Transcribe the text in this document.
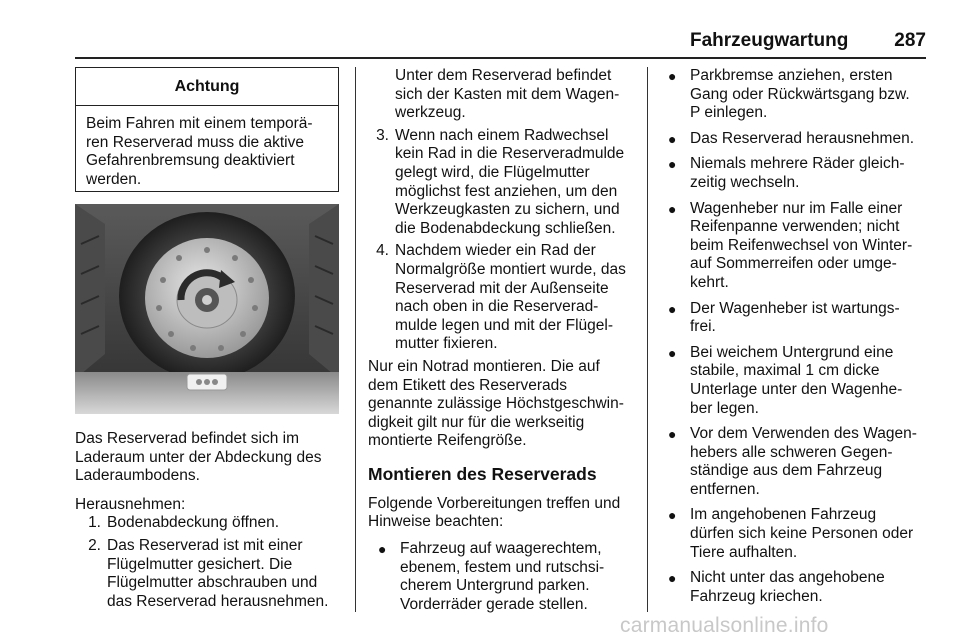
Fahrzeugwartung 287
Achtung
Beim Fahren mit einem temporä-
ren Reserverad muss die aktive
Gefahrenbremsung deaktiviert
werden.

Das Reserverad befindet sich im
Laderaum unter der Abdeckung des
Laderaumbodens.

Herausnehmen:

1. Bodenabdeckung öffnen.
2. Das Reserverad ist mit einer
Flügelmutter gesichert. Die
Flügelmutter abschrauben und
das Reserverad herausnehmen.
Unter dem Reserverad befindet
sich der Kasten mit dem Wagen-
werkzeug.
3. Wenn nach einem Radwechsel
kein Rad in die Reserveradmulde
gelegt wird, die Flügelmutter
möglichst fest anziehen, um den
Werkzeugkasten zu sichern, und
die Bodenabdeckung schließen.
4. Nachdem wieder ein Rad der
Normalgröße montiert wurde, das
Reserverad mit der Außenseite
nach oben in die Reserverad-
mulde legen und mit der Flügel-
mutter fixieren.

Nur ein Notrad montieren. Die auf
dem Etikett des Reserverads
genannte zulässige Höchstgeschwin-
digkeit gilt nur für die werkseitig
montierte Reifengröße.

Montieren des Reserverads

Folgende Vorbereitungen treffen und
Hinweise beachten:

● Fahrzeug auf waagerechtem,
ebenem, festem und rutschsi-
cherem Untergrund parken.
Vorderräder gerade stellen.
● Parkbremse anziehen, ersten
Gang oder Rückwärtsgang bzw.
P einlegen.
● Das Reserverad herausnehmen.
● Niemals mehrere Räder gleich-
zeitig wechseln.
● Wagenheber nur im Falle einer
Reifenpanne verwenden; nicht
beim Reifenwechsel von Winter-
auf Sommerreifen oder umge-
kehrt.
● Der Wagenheber ist wartungs-
frei.
● Bei weichem Untergrund eine
stabile, maximal 1 cm dicke
Unterlage unter den Wagenhe-
ber legen.
● Vor dem Verwenden des Wagen-
hebers alle schweren Gegen-
ständige aus dem Fahrzeug
entfernen.
● Im angehobenen Fahrzeug
dürfen sich keine Personen oder
Tiere aufhalten.
● Nicht unter das angehobene
Fahrzeug kriechen.
carmanualsonline.info
